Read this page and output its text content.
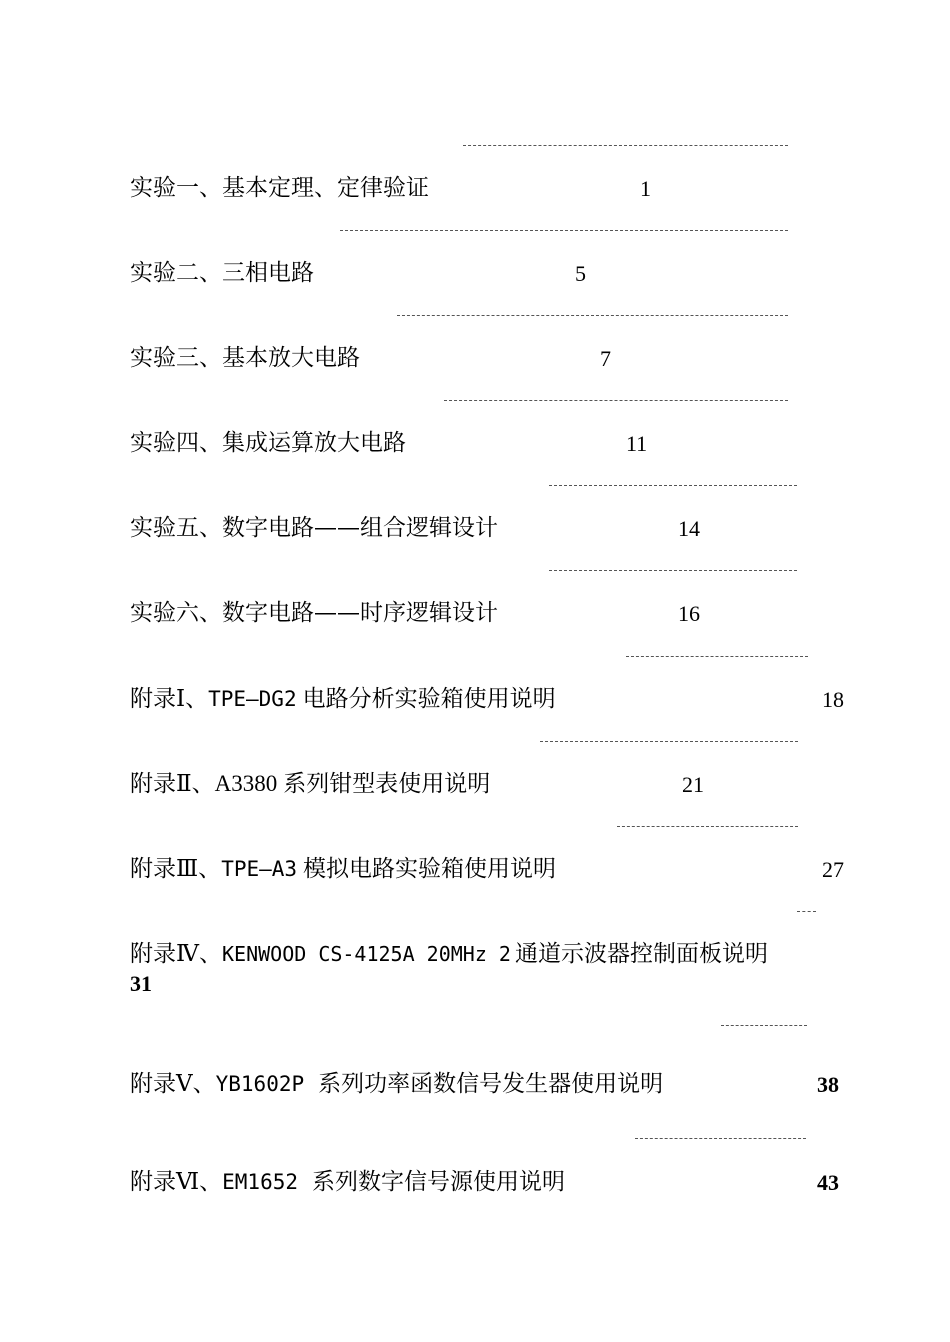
实验一、基本定理、定律验证	1
实验二、三相电路	5
实验三、基本放大电路	7
实验四、集成运算放大电路	11
实验五、数字电路——组合逻辑设计	14
实验六、数字电路——时序逻辑设计	16
附录Ⅰ、TPE—DG2 电路分析实验箱使用说明	18
附录Ⅱ、A3380 系列钳型表使用说明	21
附录Ⅲ、TPE—A3 模拟电路实验箱使用说明	27
附录Ⅳ、KENWOOD CS-4125A 20MHz 2 通道示波器控制面板说明
31
附录Ⅴ、YB1602P 系列功率函数信号发生器使用说明	38
附录Ⅵ、EM1652 系列数字信号源使用说明	43
